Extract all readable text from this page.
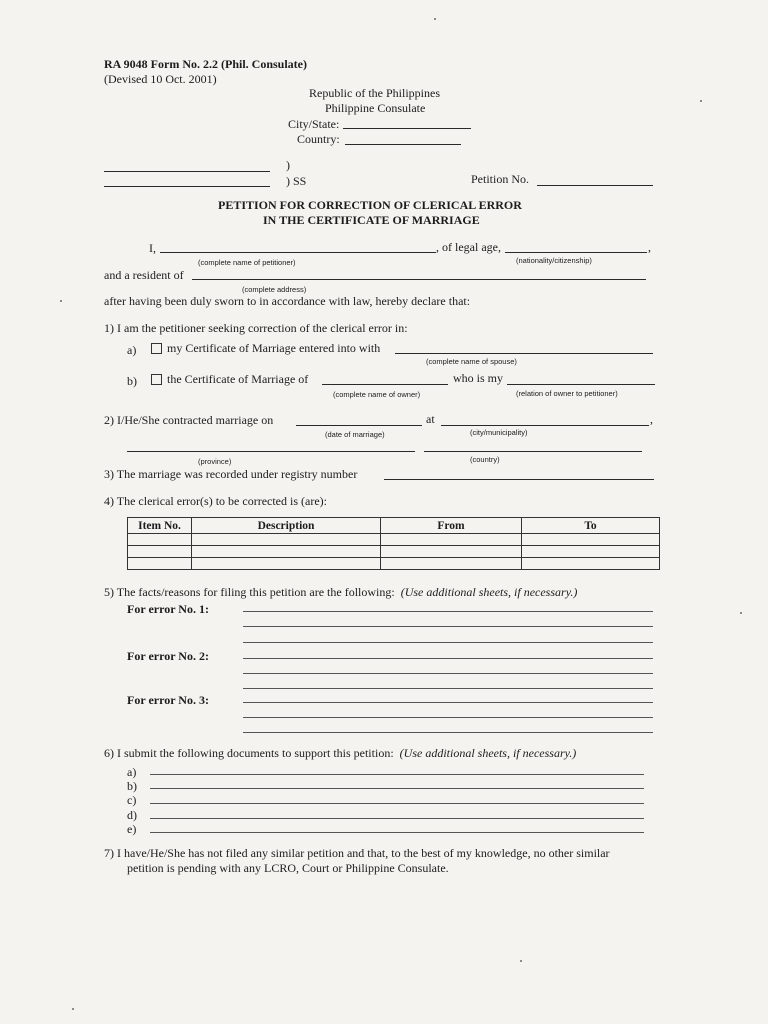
RA 9048 Form No. 2.2 (Phil. Consulate)
(Devised 10 Oct. 2001)
Republic of the Philippines
Philippine Consulate
City/State:
Country:
)
) SS	Petition No.
PETITION FOR CORRECTION OF CLERICAL ERROR
IN THE CERTIFICATE OF MARRIAGE
I,	, of legal age,	,
(complete name of petitioner)	(nationality/citizenship)
and a resident of
(complete address)
after having been duly sworn to in accordance with law, hereby declare that:
1) I am the petitioner seeking correction of the clerical error in:
a)	my Certificate of Marriage entered into with
(complete name of spouse)
b)	the Certificate of Marriage of	who is my
(complete name of owner)	(relation of owner to petitioner)
2) I/He/She contracted marriage on	at	,
(date of marriage)	(city/municipality)
(province)	(country)
3) The marriage was recorded under registry number
4) The clerical error(s) to be corrected is (are):
Item No.	Description	From	To

5) The facts/reasons for filing this petition are the following: (Use additional sheets, if necessary.)
For error No. 1:
For error No. 2:
For error No. 3:
6) I submit the following documents to support this petition: (Use additional sheets, if necessary.)
a)
b)
c)
d)
e)
7) I have/He/She has not filed any similar petition and that, to the best of my knowledge, no other similar
petition is pending with any LCRO, Court or Philippine Consulate.
